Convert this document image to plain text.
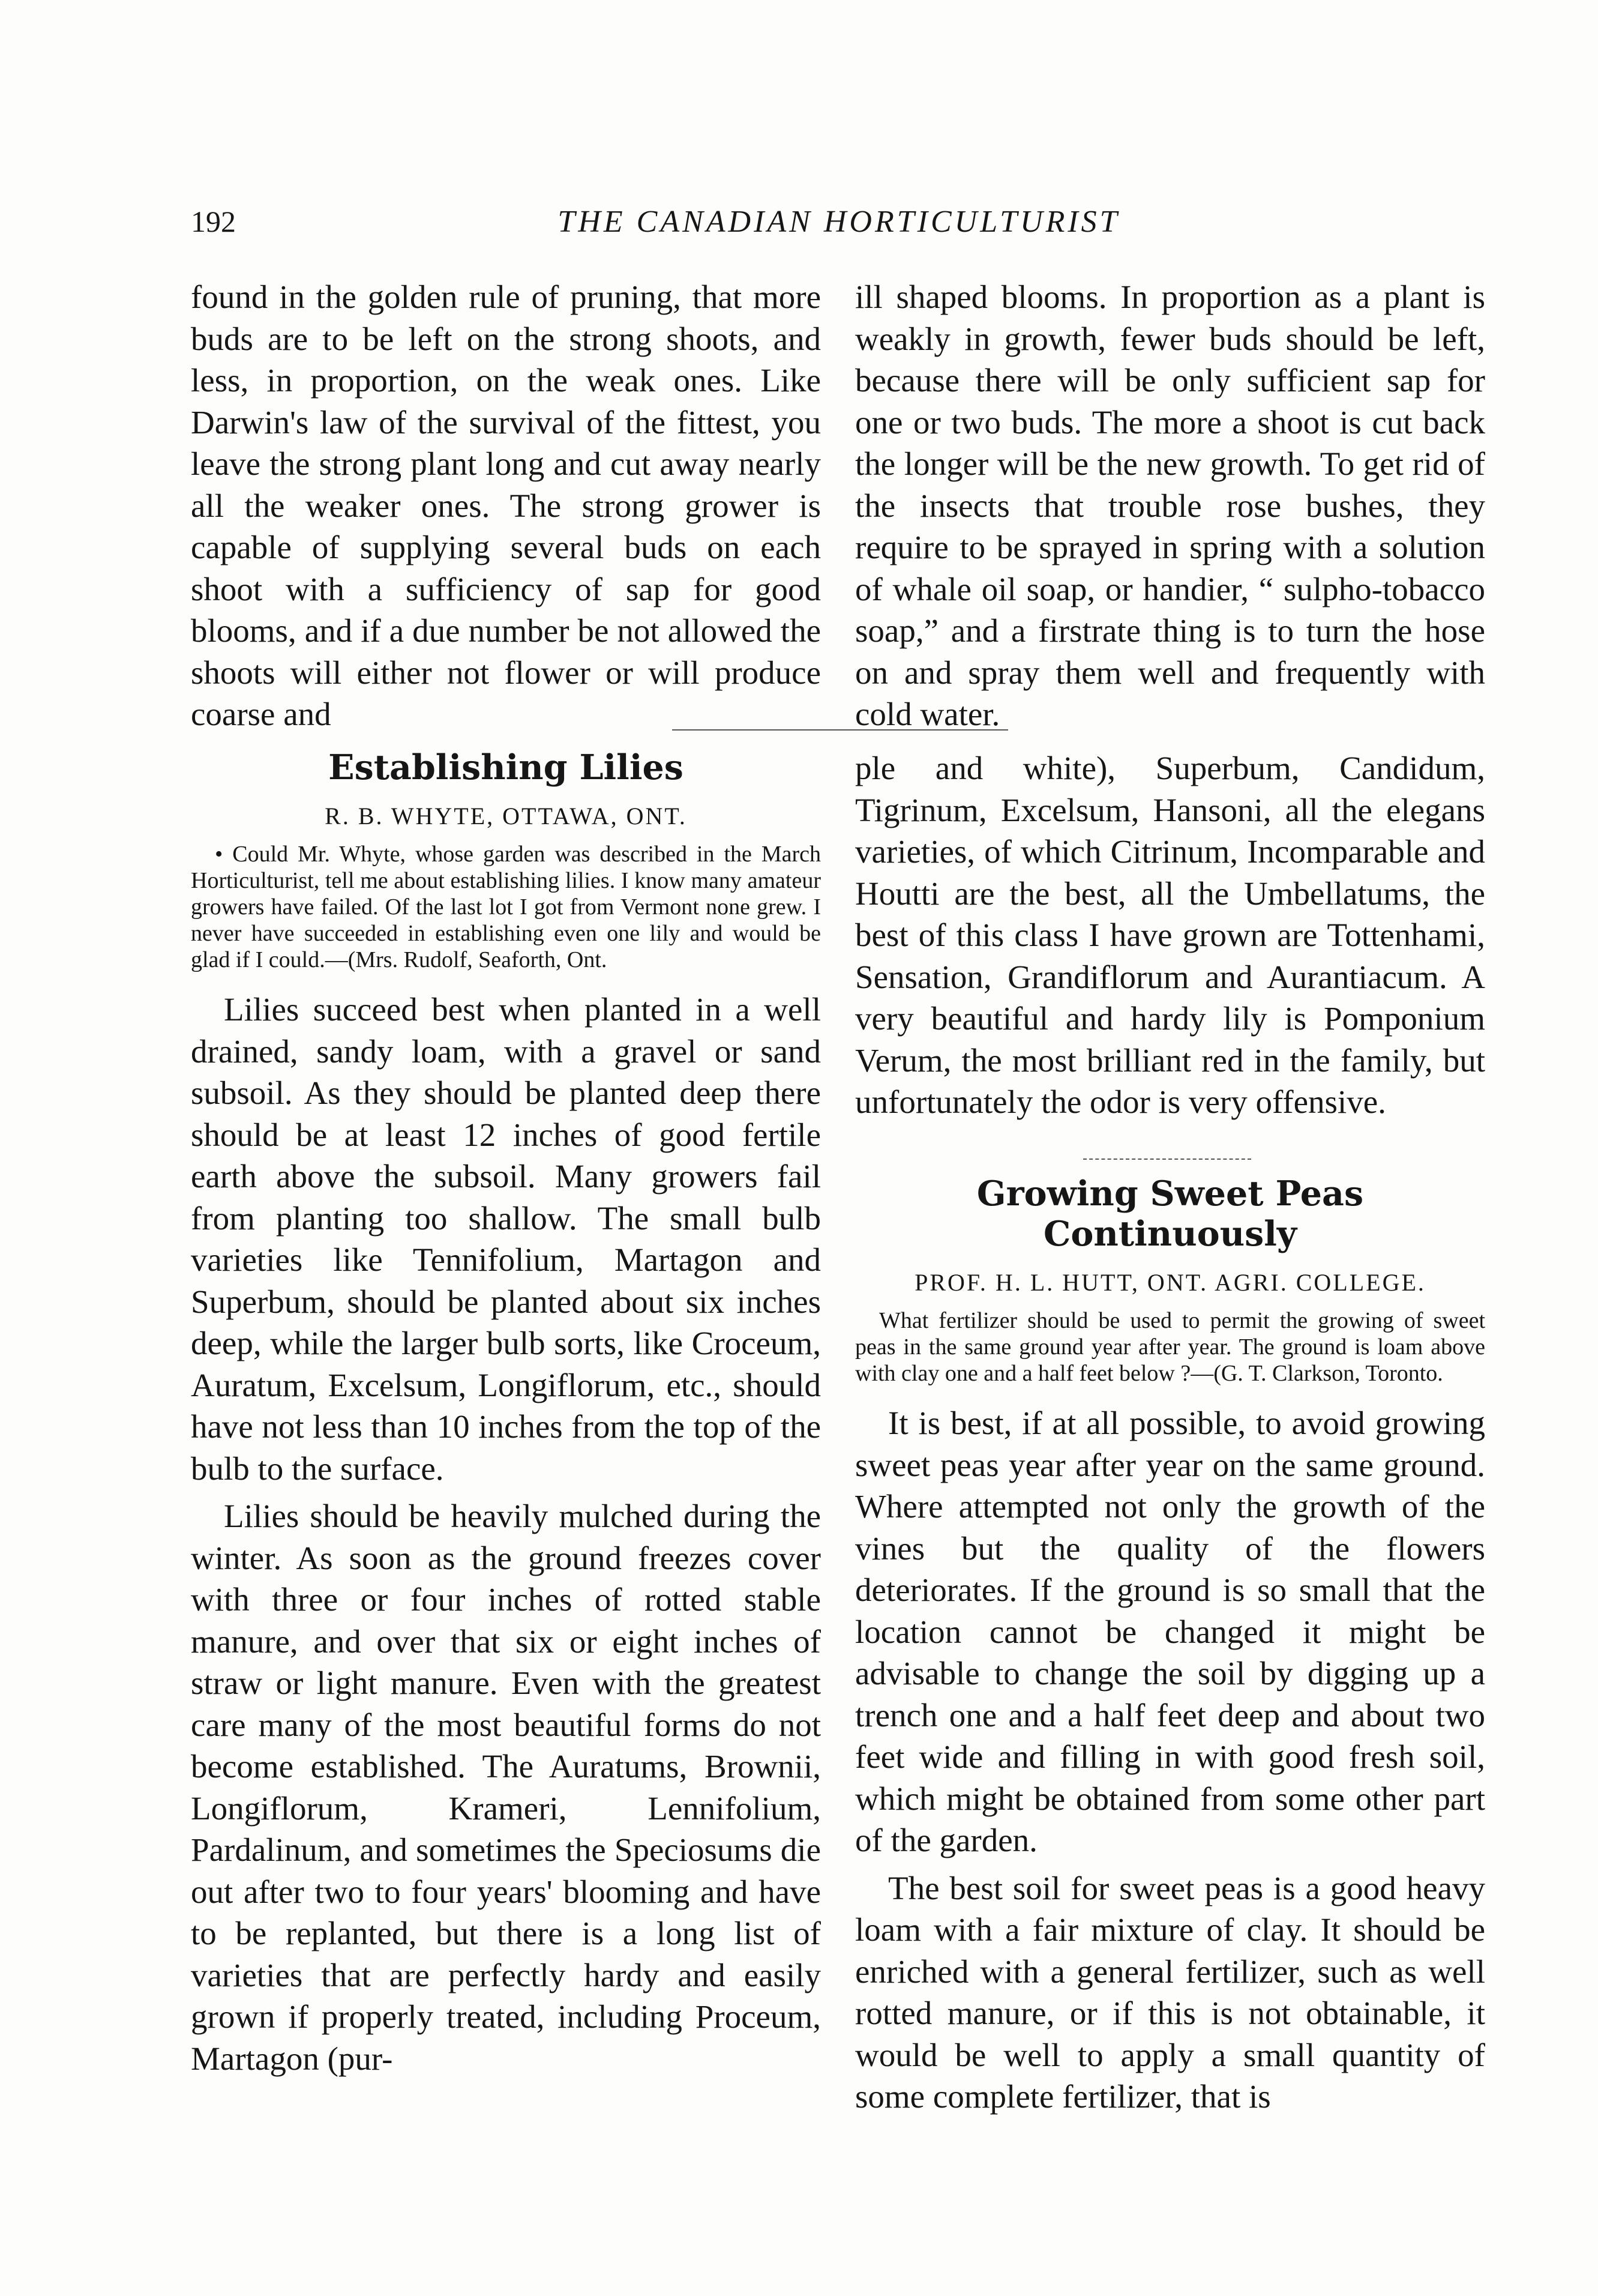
192	THE CANADIAN HORTICULTURIST

found in the golden rule of pruning, that more buds are to be left on the strong shoots, and less, in proportion, on the weak ones. Like Darwin's law of the survival of the fittest, you leave the strong plant long and cut away nearly all the weaker ones. The strong grower is capable of supplying several buds on each shoot with a sufficiency of sap for good blooms, and if a due number be not allowed the shoots will either not flower or will produce coarse and

ill shaped blooms. In proportion as a plant is weakly in growth, fewer buds should be left, because there will be only sufficient sap for one or two buds. The more a shoot is cut back the longer will be the new growth. To get rid of the insects that trouble rose bushes, they require to be sprayed in spring with a solution of whale oil soap, or handier, “ sulpho-tobacco soap,” and a firstrate thing is to turn the hose on and spray them well and frequently with cold water.

Establishing Lilies
R. B. WHYTE, OTTAWA, ONT.

• Could Mr. Whyte, whose garden was described in the March Horticulturist, tell me about establishing lilies. I know many amateur growers have failed. Of the last lot I got from Vermont none grew. I never have succeeded in establishing even one lily and would be glad if I could.—(Mrs. Rudolf, Seaforth, Ont.

Lilies succeed best when planted in a well drained, sandy loam, with a gravel or sand subsoil. As they should be planted deep there should be at least 12 inches of good fertile earth above the subsoil. Many growers fail from planting too shallow. The small bulb varieties like Tennifolium, Martagon and Superbum, should be planted about six inches deep, while the larger bulb sorts, like Croceum, Auratum, Excelsum, Longiflorum, etc., should have not less than 10 inches from the top of the bulb to the surface.

Lilies should be heavily mulched during the winter. As soon as the ground freezes cover with three or four inches of rotted stable manure, and over that six or eight inches of straw or light manure. Even with the greatest care many of the most beautiful forms do not become established. The Auratums, Brownii, Longiflorum, Krameri, Lennifolium, Pardalinum, and sometimes the Speciosums die out after two to four years' blooming and have to be replanted, but there is a long list of varieties that are perfectly hardy and easily grown if properly treated, including Proceum, Martagon (pur-

ple and white), Superbum, Candidum, Tigrinum, Excelsum, Hansoni, all the elegans varieties, of which Citrinum, Incomparable and Houtti are the best, all the Umbellatums, the best of this class I have grown are Tottenhami, Sensation, Grandiflorum and Aurantiacum. A very beautiful and hardy lily is Pomponium Verum, the most brilliant red in the family, but unfortunately the odor is very offensive.

Growing Sweet Peas Continuously
PROF. H. L. HUTT, ONT. AGRI. COLLEGE.

What fertilizer should be used to permit the growing of sweet peas in the same ground year after year. The ground is loam above with clay one and a half feet below ?—(G. T. Clarkson, Toronto.

It is best, if at all possible, to avoid growing sweet peas year after year on the same ground. Where attempted not only the growth of the vines but the quality of the flowers deteriorates. If the ground is so small that the location cannot be changed it might be advisable to change the soil by digging up a trench one and a half feet deep and about two feet wide and filling in with good fresh soil, which might be obtained from some other part of the garden.

The best soil for sweet peas is a good heavy loam with a fair mixture of clay. It should be enriched with a general fertilizer, such as well rotted manure, or if this is not obtainable, it would be well to apply a small quantity of some complete fertilizer, that is
